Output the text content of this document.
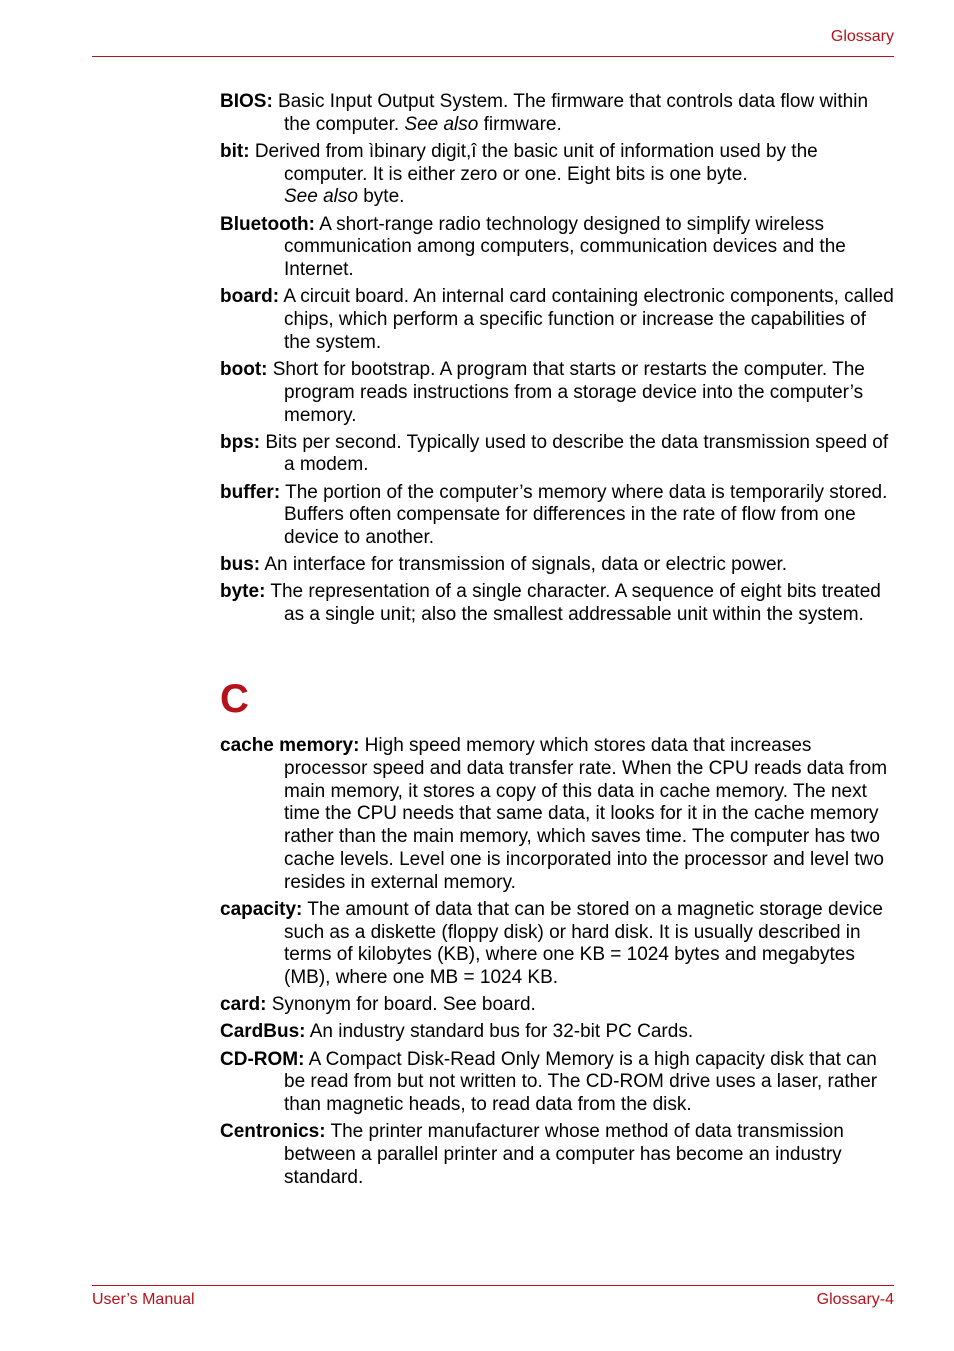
Glossary

BIOS: Basic Input Output System. The firmware that controls data flow within the computer. See also firmware.

bit: Derived from ìbinary digit,î the basic unit of information used by the computer. It is either zero or one. Eight bits is one byte.
See also byte.

Bluetooth: A short-range radio technology designed to simplify wireless communication among computers, communication devices and the Internet.

board: A circuit board. An internal card containing electronic components, called chips, which perform a specific function or increase the capabilities of the system.

boot: Short for bootstrap. A program that starts or restarts the computer. The program reads instructions from a storage device into the computer’s memory.

bps: Bits per second. Typically used to describe the data transmission speed of a modem.

buffer: The portion of the computer’s memory where data is temporarily stored. Buffers often compensate for differences in the rate of flow from one device to another.

bus: An interface for transmission of signals, data or electric power.

byte: The representation of a single character. A sequence of eight bits treated as a single unit; also the smallest addressable unit within the system.

C

cache memory: High speed memory which stores data that increases processor speed and data transfer rate. When the CPU reads data from main memory, it stores a copy of this data in cache memory. The next time the CPU needs that same data, it looks for it in the cache memory rather than the main memory, which saves time. The computer has two cache levels. Level one is incorporated into the processor and level two resides in external memory.

capacity: The amount of data that can be stored on a magnetic storage device such as a diskette (floppy disk) or hard disk. It is usually described in terms of kilobytes (KB), where one KB = 1024 bytes and megabytes (MB), where one MB = 1024 KB.

card: Synonym for board. See board.

CardBus: An industry standard bus for 32-bit PC Cards.

CD-ROM: A Compact Disk-Read Only Memory is a high capacity disk that can be read from but not written to. The CD-ROM drive uses a laser, rather than magnetic heads, to read data from the disk.

Centronics: The printer manufacturer whose method of data transmission between a parallel printer and a computer has become an industry standard.

User’s Manual	Glossary-4
